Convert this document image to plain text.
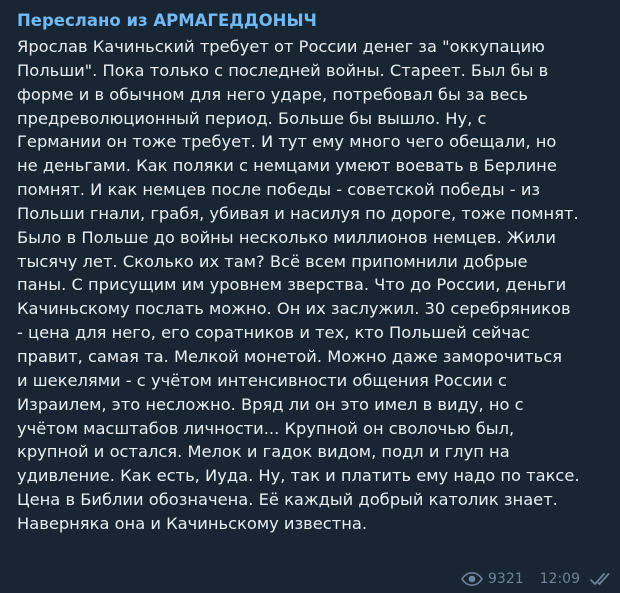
Переслано из АРМАГЕДДОНЫЧ
Ярослав Качиньский требует от России денег за "оккупацию
Польши". Пока только с последней войны. Стареет. Был бы в
форме и в обычном для него ударе, потребовал бы за весь
предреволюционный период. Больше бы вышло. Ну, с
Германии он тоже требует. И тут ему много чего обещали, но
не деньгами. Как поляки с немцами умеют воевать в Берлине
помнят. И как немцев после победы - советской победы - из
Польши гнали, грабя, убивая и насилуя по дороге, тоже помнят.
Было в Польше до войны несколько миллионов немцев. Жили
тысячу лет. Сколько их там? Всё всем припомнили добрые
паны. С присущим им уровнем зверства. Что до России, деньги
Качиньскому послать можно. Он их заслужил. 30 серебряников
- цена для него, его соратников и тех, кто Польшей сейчас
правит, самая та. Мелкой монетой. Можно даже заморочиться
и шекелями - с учётом интенсивности общения России с
Израилем, это несложно. Вряд ли он это имел в виду, но с
учётом масштабов личности... Крупной он сволочью был,
крупной и остался. Мелок и гадок видом, подл и глуп на
удивление. Как есть, Иуда. Ну, так и платить ему надо по таксе.
Цена в Библии обозначена. Её каждый добрый католик знает.
Наверняка она и Качиньскому известна.
9321 12:09
